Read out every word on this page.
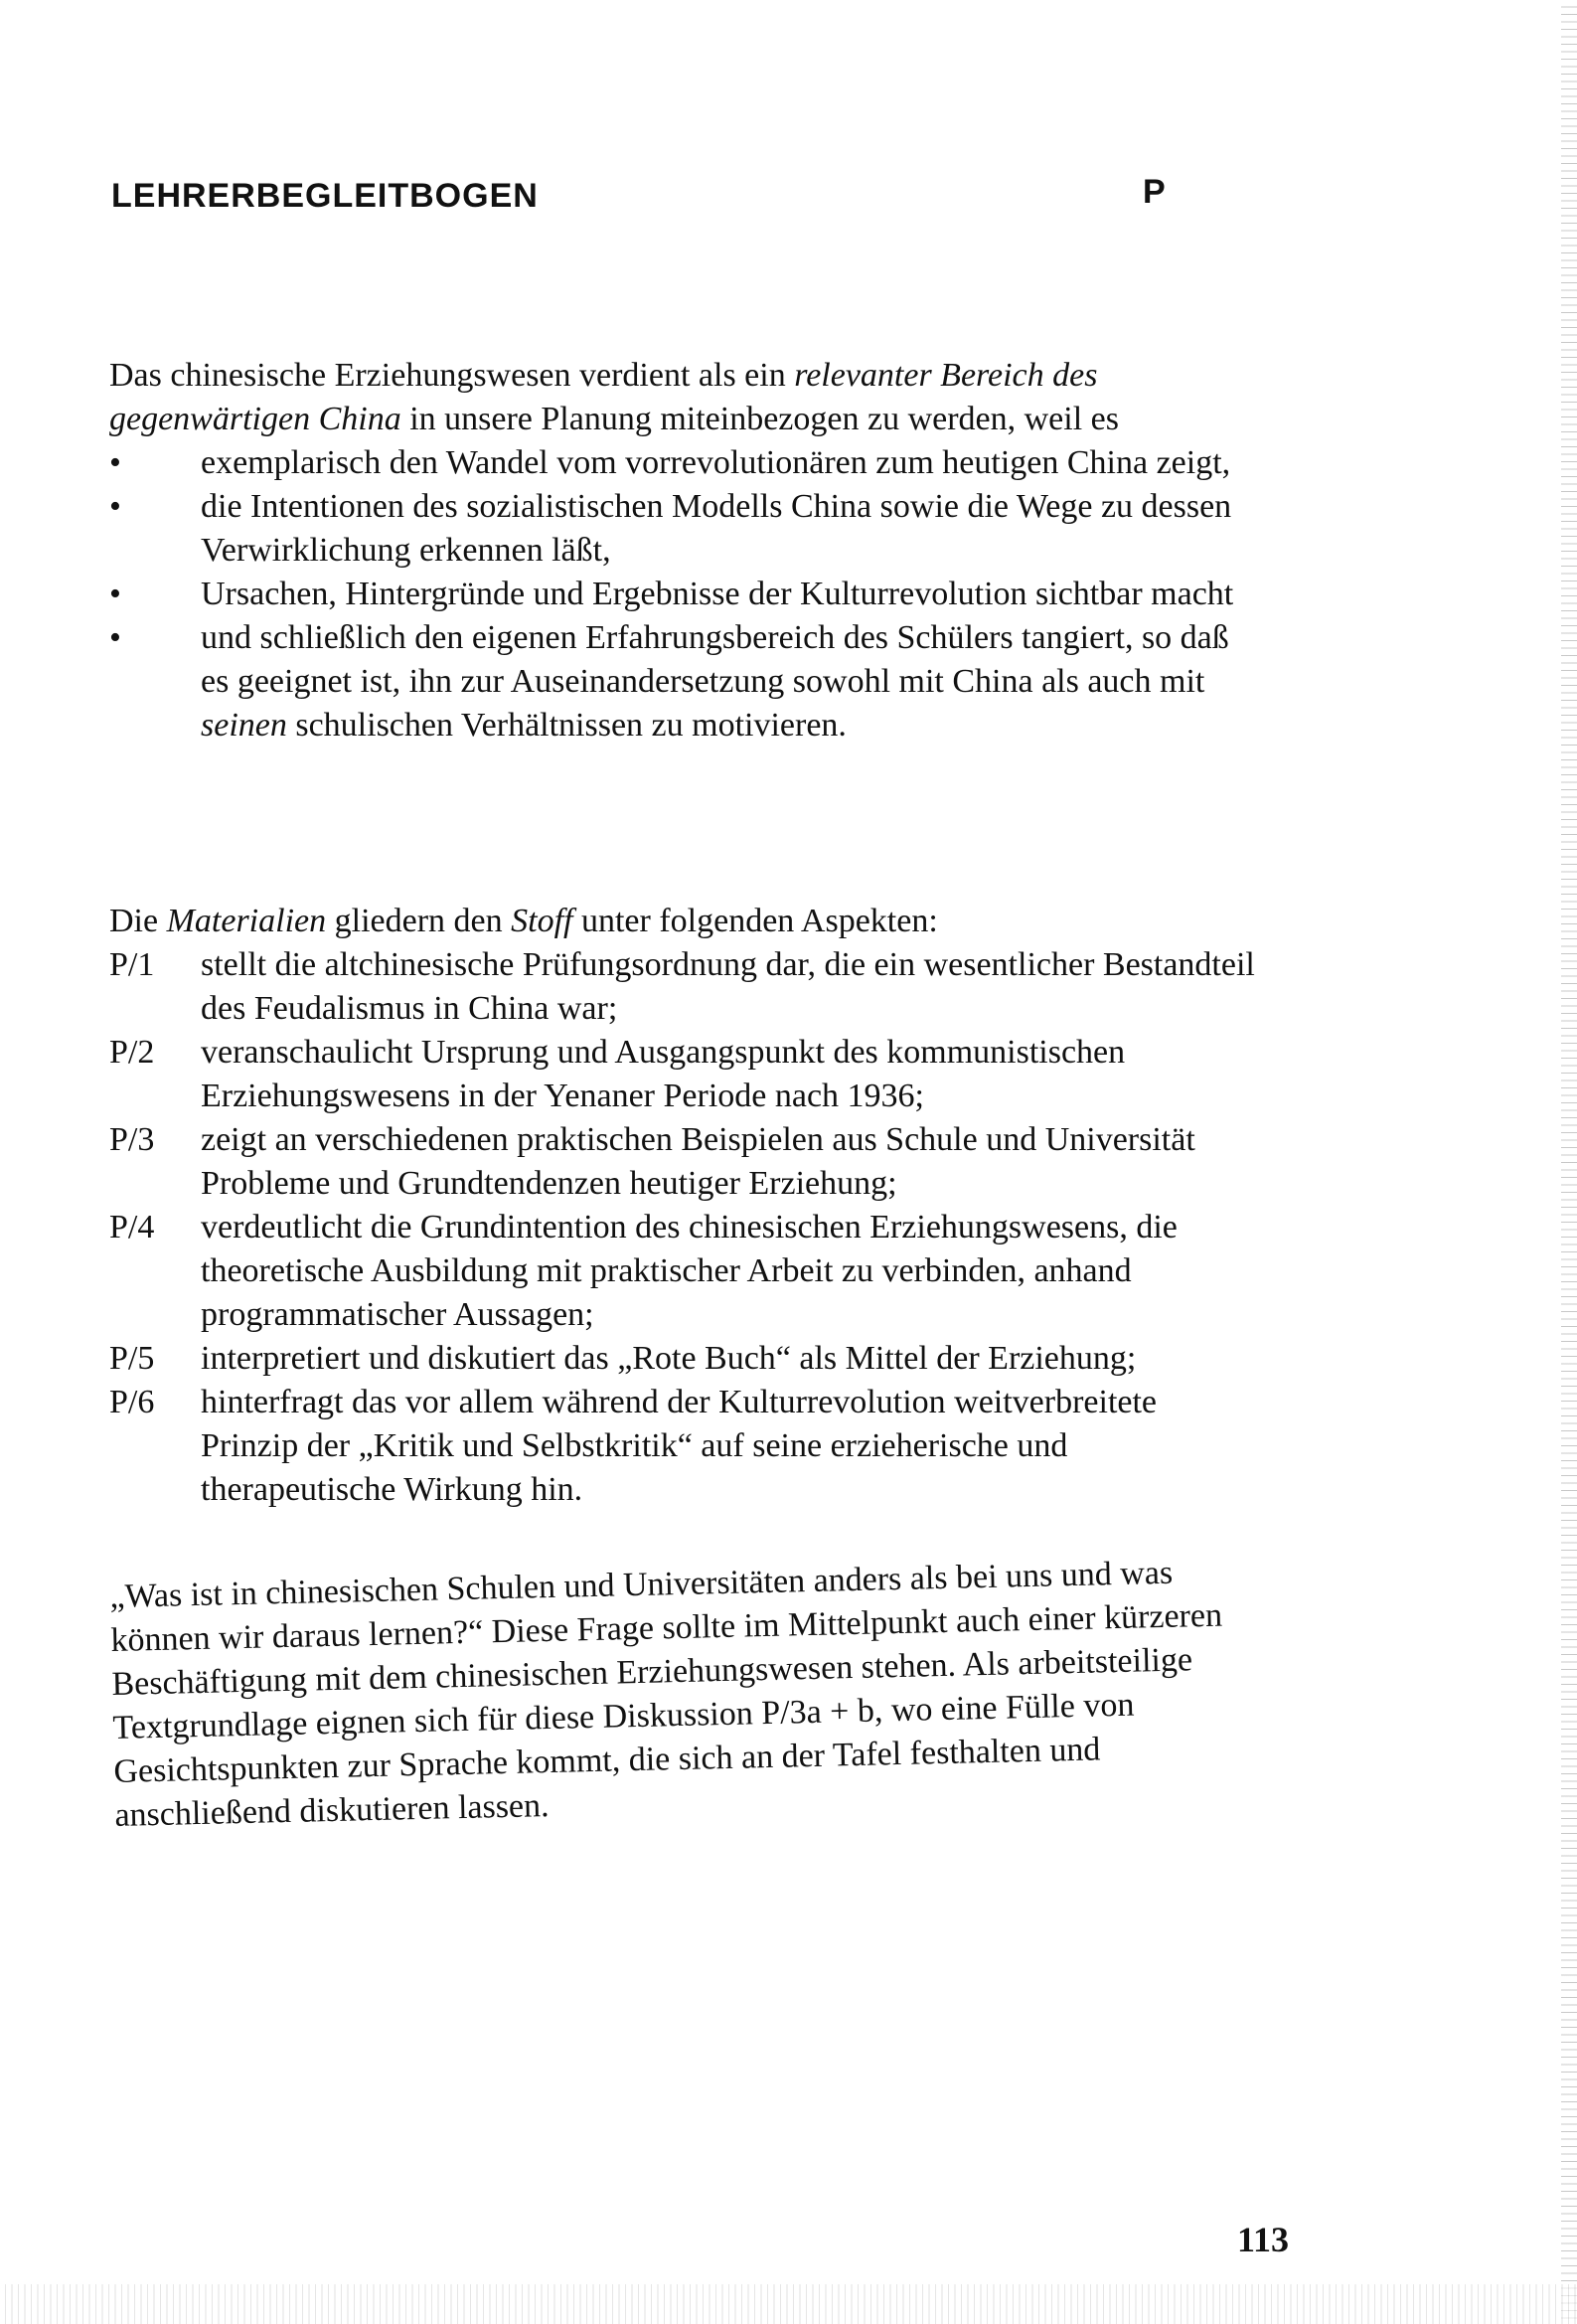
LEHRERBEGLEITBOGEN	P

Das chinesische Erziehungswesen verdient als ein relevanter Bereich des gegenwärtigen China in unsere Planung miteinbezogen zu werden, weil es

• exemplarisch den Wandel vom vorrevolutionären zum heutigen China zeigt,
• die Intentionen des sozialistischen Modells China sowie die Wege zu dessen Verwirklichung erkennen läßt,
• Ursachen, Hintergründe und Ergebnisse der Kulturrevolution sichtbar macht
• und schließlich den eigenen Erfahrungsbereich des Schülers tangiert, so daß es geeignet ist, ihn zur Auseinandersetzung sowohl mit China als auch mit seinen schulischen Verhältnissen zu motivieren.

Die Materialien gliedern den Stoff unter folgenden Aspekten:

P/1 stellt die altchinesische Prüfungsordnung dar, die ein wesentlicher Bestandteil des Feudalismus in China war;
P/2 veranschaulicht Ursprung und Ausgangspunkt des kommunistischen Erziehungswesens in der Yenaner Periode nach 1936;
P/3 zeigt an verschiedenen praktischen Beispielen aus Schule und Universität Probleme und Grundtendenzen heutiger Erziehung;
P/4 verdeutlicht die Grundintention des chinesischen Erziehungswesens, die theoretische Ausbildung mit praktischer Arbeit zu verbinden, anhand programmatischer Aussagen;
P/5 interpretiert und diskutiert das „Rote Buch“ als Mittel der Erziehung;
P/6 hinterfragt das vor allem während der Kulturrevolution weitverbreitete Prinzip der „Kritik und Selbstkritik“ auf seine erzieherische und therapeutische Wirkung hin.

„Was ist in chinesischen Schulen und Universitäten anders als bei uns und was können wir daraus lernen?“ Diese Frage sollte im Mittelpunkt auch einer kürzeren Beschäftigung mit dem chinesischen Erziehungswesen stehen. Als arbeitsteilige Textgrundlage eignen sich für diese Diskussion P/3a + b, wo eine Fülle von Gesichtspunkten zur Sprache kommt, die sich an der Tafel festhalten und anschließend diskutieren lassen.

113
